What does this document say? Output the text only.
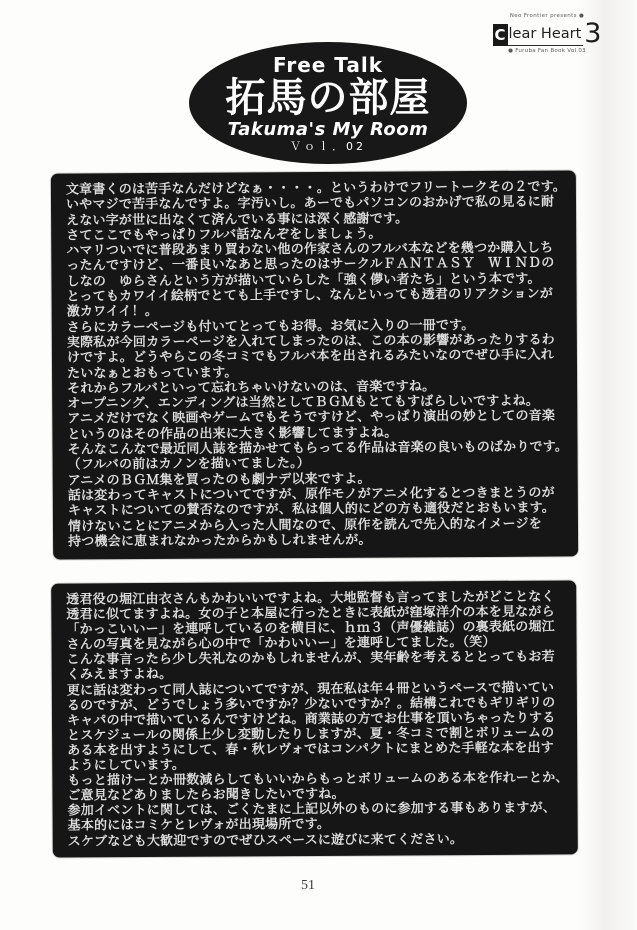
Neo Frontier presents ●
C lear Heart 3
● Furuba Fan Book Vol.03
Free Talk
拓馬の部屋
Takuma's My Room
Ｖｏｌ．02
文章書くのは苦手なんだけどなぁ・・・・。というわけでフリートークその２です。
いやマジで苦手なんですよ。字汚いし。あーでもパソコンのおかげで私の見るに耐
えない字が世に出なくて済んでいる事には深く感謝です。
さてここでもやっぱりフルバ話なんぞをしましょう。
ハマリついでに普段あまり買わない他の作家さんのフルバ本などを幾つか購入しち
ったんですけど、一番良いなあと思ったのはサークルＦＡＮＴＡＳＹ　ＷＩＮＤの
しなの　ゆらさんという方が描いていらした「強く儚い者たち」という本です。
とってもカワイイ絵柄でとても上手ですし、なんといっても透君のリアクションが
激カワイイ！。
さらにカラーページも付いてとってもお得。お気に入りの一冊です。
実際私が今回カラーページを入れてしまったのは、この本の影響があったりするわ
けですよ。どうやらこの冬コミでもフルバ本を出されるみたいなのでぜひ手に入れ
たいなぁとおもっています。
それからフルバといって忘れちゃいけないのは、音楽ですね。
オープニング、エンディングは当然としてＢＧＭもとてもすばらしいですよね。
アニメだけでなく映画やゲームでもそうですけど、やっぱり演出の妙としての音楽
というのはその作品の出来に大きく影響してますよね。
そんなこんなで最近同人誌を描かせてもらってる作品は音楽の良いものばかりです。
（フルバの前はカノンを描いてました。）
アニメのＢＧＭ集を買ったのも劇ナデ以来ですよ。
話は変わってキャストについてですが、原作モノがアニメ化するとつきまとうのが
キャストについての賛否なのですが、私は個人的にどの方も適役だとおもいます。
情けないことにアニメから入った人間なので、原作を読んで先入的なイメージを
持つ機会に恵まれなかったからかもしれませんが。
透君役の堀江由衣さんもかわいいですよね。大地監督も言ってましたがどことなく
透君に似てますよね。女の子と本屋に行ったときに表紙が窪塚洋介の本を見ながら
「かっこいいー」を連呼しているのを横目に、ｈｍ３（声優雑誌）の裏表紙の堀江
さんの写真を見ながら心の中で「かわいいー」を連呼してました。（笑）
こんな事言ったら少し失礼なのかもしれませんが、実年齢を考えるととってもお若
くみえますよね。
更に話は変わって同人誌についてですが、現在私は年４冊というペースで描いてい
るのですが、どうでしょう多いですか？少ないですか？。結構これでもギリギリの
キャパの中で描いているんですけどね。商業誌の方でお仕事を頂いちゃったりする
とスケジュールの関係上少し変動したりしますが、夏・冬コミで割とボリュームの
ある本を出すようにして、春・秋レヴォではコンパクトにまとめた手軽な本を出す
ようにしています。
もっと描けーとか冊数減らしてもいいからもっとボリュームのある本を作れーとか、
ご意見などありましたらお聞きしたいですね。
参加イベントに関しては、ごくたまに上記以外のものに参加する事もありますが、
基本的にはコミケとレヴォが出現場所です。
スケブなども大歓迎ですのでぜひスペースに遊びに来てください。
51
